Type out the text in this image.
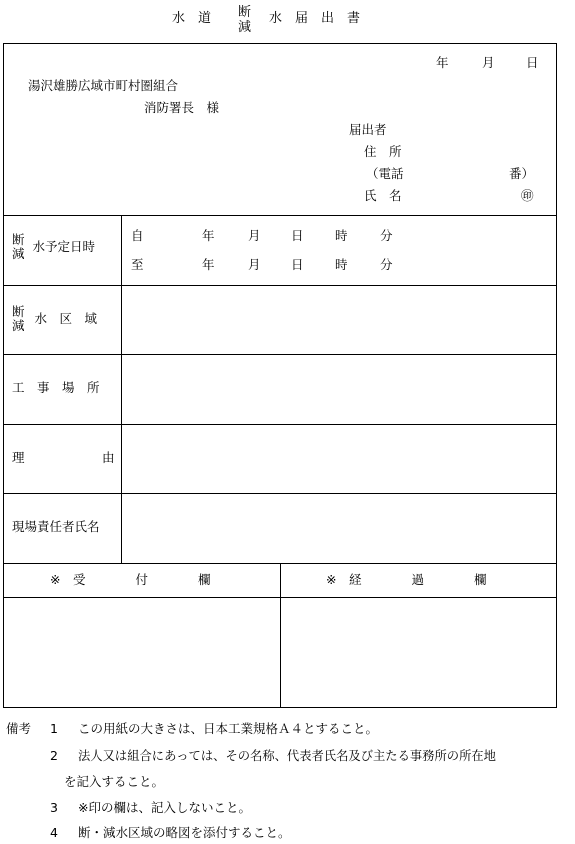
水　道 断
減
水　届　出　書
年	月	日
湯沢雄勝広域市町村圏組合
消防署長　様
届出者
住　所
（電話	番）
氏　名	㊞
断
減 水予定日時
自	年	月 日	時	分
至	年	月 日	時	分
断
減 水　区　域
工　事　場　所
理	由
現場責任者氏名
※　受　　　　付　　　　欄	※　経　　　　過　　　　欄
備考 1 この用紙の大きさは、日本工業規格Ａ４とすること。
2 法人又は組合にあっては、その名称、代表者氏名及び主たる事務所の所在地
を記入すること。
3 ※印の欄は、記入しないこと。
4 断・減水区域の略図を添付すること。
